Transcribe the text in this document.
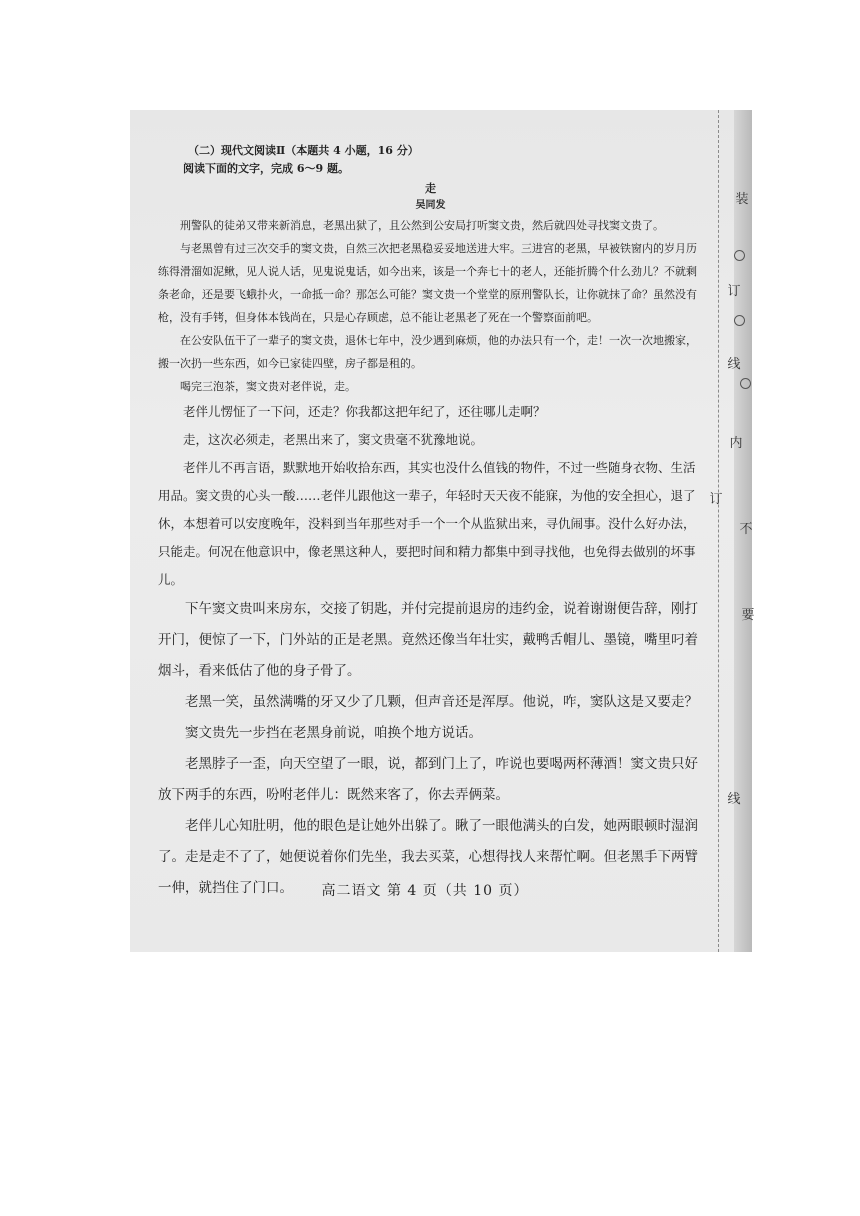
装
订
线
内
不
要
订
线
（二）现代文阅读Ⅱ（本题共 4 小题，16 分）
阅读下面的文字，完成 6～9 题。
走
吴同发

刑警队的徒弟又带来新消息，老黑出狱了，且公然到公安局打听窦文贵，然后就四处寻找窦文贵了。

与老黑曾有过三次交手的窦文贵，自然三次把老黑稳妥妥地送进大牢。三进宫的老黑，早被铁窗内的岁月历练得滑溜如泥鳅，见人说人话，见鬼说鬼话，如今出来，该是一个奔七十的老人，还能折腾个什么劲儿？不就剩条老命，还是要飞蛾扑火，一命抵一命？那怎么可能？窦文贵一个堂堂的原刑警队长，让你就抹了命？虽然没有枪，没有手铐，但身体本钱尚在，只是心存顾虑，总不能让老黑老了死在一个警察面前吧。

在公安队伍干了一辈子的窦文贵，退休七年中，没少遇到麻烦，他的办法只有一个，走！一次一次地搬家，搬一次扔一些东西，如今已家徒四壁，房子都是租的。

喝完三泡茶，窦文贵对老伴说，走。

老伴儿愣怔了一下问，还走？你我都这把年纪了，还往哪儿走啊？

走，这次必须走，老黑出来了，窦文贵毫不犹豫地说。

老伴儿不再言语，默默地开始收拾东西，其实也没什么值钱的物件，不过一些随身衣物、生活用品。窦文贵的心头一酸……老伴儿跟他这一辈子，年轻时天天夜不能寐，为他的安全担心，退了休，本想着可以安度晚年，没料到当年那些对手一个一个从监狱出来，寻仇闹事。没什么好办法，只能走。何况在他意识中，像老黑这种人，要把时间和精力都集中到寻找他，也免得去做别的坏事儿。

下午窦文贵叫来房东，交接了钥匙，并付完提前退房的违约金，说着谢谢便告辞，刚打开门，便惊了一下，门外站的正是老黑。竟然还像当年壮实，戴鸭舌帽儿、墨镜，嘴里叼着烟斗，看来低估了他的身子骨了。

老黑一笑，虽然满嘴的牙又少了几颗，但声音还是浑厚。他说，咋，窦队这是又要走？

窦文贵先一步挡在老黑身前说，咱换个地方说话。

老黑脖子一歪，向天空望了一眼，说，都到门上了，咋说也要喝两杯薄酒！窦文贵只好放下两手的东西，吩咐老伴儿：既然来客了，你去弄俩菜。

老伴儿心知肚明，他的眼色是让她外出躲了。瞅了一眼他满头的白发，她两眼顿时湿润了。走是走不了了，她便说着你们先坐，我去买菜，心想得找人来帮忙啊。但老黑手下两臂一伸，就挡住了门口。	高二语文 第 4 页（共 10 页）
